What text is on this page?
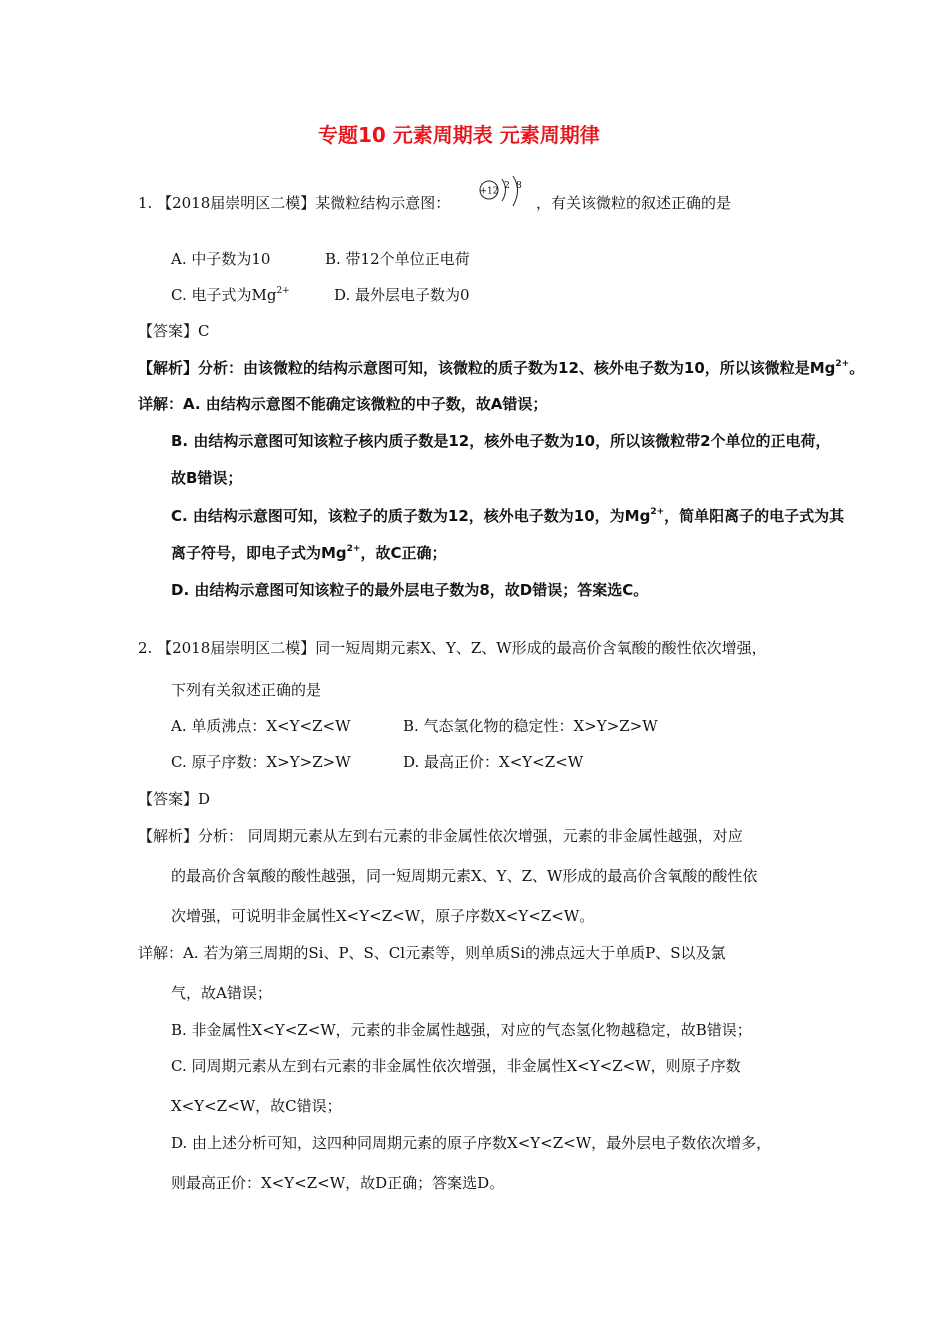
专题10 元素周期表 元素周期律
1. 【2018届崇明区二模】某微粒结构示意图：
+12
2 8
，有关该微粒的叙述正确的是
A. 中子数为10	B. 带12个单位正电荷
C. 电子式为$Mg^{2+}$	D. 最外层电子数为0
【答案】C
【解析】分析：由该微粒的结构示意图可知，该微粒的质子数为12、核外电子数为10，所以该微粒是$Mg^{2+}$。
详解：A. 由结构示意图不能确定该微粒的中子数，故A错误；
B. 由结构示意图可知该粒子核内质子数是12，核外电子数为10，所以该微粒带2个单位的正电荷，
故B错误；
C. 由结构示意图可知，该粒子的质子数为12，核外电子数为10，为$Mg^{2+}$，简单阳离子的电子式为其
离子符号，即电子式为$Mg^{2+}$，故C正确；
D. 由结构示意图可知该粒子的最外层电子数为8，故D错误；答案选C。
2. 【2018届崇明区二模】同一短周期元素X、Y、Z、W形成的最高价含氧酸的酸性依次增强，
下列有关叙述正确的是
A. 单质沸点：X<Y<Z<W	B. 气态氢化物的稳定性：X>Y>Z>W
C. 原子序数：X>Y>Z>W	D. 最高正价：X<Y<Z<W
【答案】D
【解析】分析： 同周期元素从左到右元素的非金属性依次增强，元素的非金属性越强，对应
的最高价含氧酸的酸性越强，同一短周期元素X、Y、Z、W形成的最高价含氧酸的酸性依
次增强，可说明非金属性X<Y<Z<W，原子序数X<Y<Z<W。
详解：A. 若为第三周期的Si、P、S、Cl元素等，则单质Si的沸点远大于单质P、S以及氯
气，故A错误；
B. 非金属性X<Y<Z<W，元素的非金属性越强，对应的气态氢化物越稳定，故B错误；
C. 同周期元素从左到右元素的非金属性依次增强，非金属性X<Y<Z<W，则原子序数
X<Y<Z<W，故C错误；
D. 由上述分析可知，这四种同周期元素的原子序数X<Y<Z<W，最外层电子数依次增多，
则最高正价：X<Y<Z<W，故D正确；答案选D。
